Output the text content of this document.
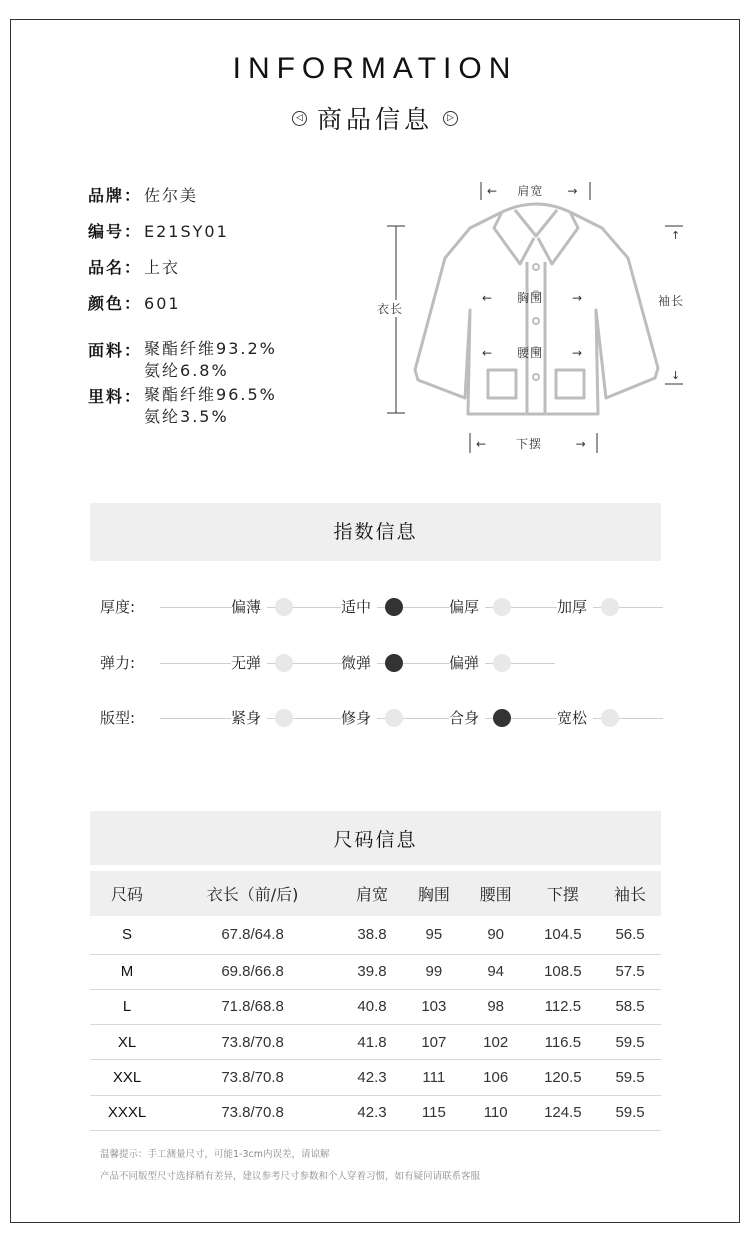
INFORMATION
◁ 商品信息 ▷
品牌： 佐尔美
编号： E21SY01
品名： 上衣
颜色： 601
面料： 聚酯纤维93.2%
氨纶6.8%
里料： 聚酯纤维96.5%
氨纶3.5%
← 肩宽 →
衣长
← 胸围 →
← 腰围 →
↑
袖长
↓
← 下摆	→
指数信息
厚度:	偏薄	适中	偏厚	加厚
弹力:	无弹	微弹	偏弹
版型:	紧身	修身	合身	宽松
尺码信息
尺码	衣长（前/后)	肩宽	胸围	腰围	下摆	袖长
S	67.8/64.8	38.8	95	90	104.5	56.5
M	69.8/66.8	39.8	99	94	108.5	57.5
L	71.8/68.8	40.8	103	98	112.5	58.5
XL	73.8/70.8	41.8	107	102	116.5	59.5
XXL	73.8/70.8	42.3	111	106	120.5	59.5
XXXL	73.8/70.8	42.3	115	110	124.5	59.5
温馨提示：手工测量尺寸，可能1-3cm内误差，请谅解
产品不同版型尺寸选择稍有差异，建议参考尺寸参数和个人穿着习惯，如有疑问请联系客服
